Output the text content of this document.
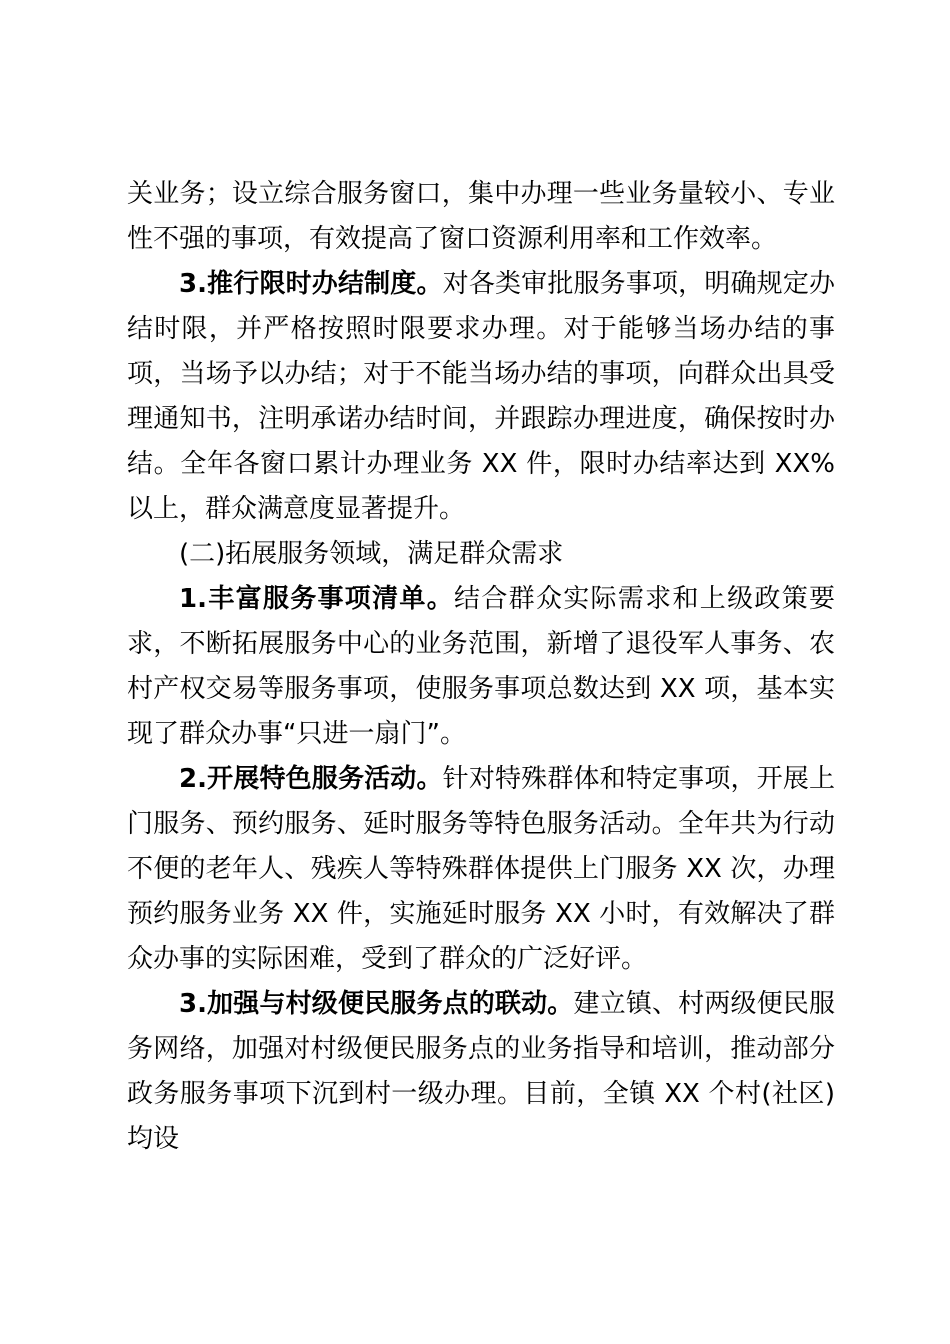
关业务；设立综合服务窗口，集中办理一些业务量较小、专业性不强的事项，有效提高了窗口资源利用率和工作效率。

3.推行限时办结制度。对各类审批服务事项，明确规定办结时限，并严格按照时限要求办理。对于能够当场办结的事项，当场予以办结；对于不能当场办结的事项，向群众出具受理通知书，注明承诺办结时间，并跟踪办理进度，确保按时办结。全年各窗口累计办理业务 XX 件，限时办结率达到 XX%以上，群众满意度显著提升。

(二)拓展服务领域，满足群众需求

1.丰富服务事项清单。结合群众实际需求和上级政策要求，不断拓展服务中心的业务范围，新增了退役军人事务、农村产权交易等服务事项，使服务事项总数达到 XX 项，基本实现了群众办事“只进一扇门”。

2.开展特色服务活动。针对特殊群体和特定事项，开展上门服务、预约服务、延时服务等特色服务活动。全年共为行动不便的老年人、残疾人等特殊群体提供上门服务 XX 次，办理预约服务业务 XX 件，实施延时服务 XX 小时，有效解决了群众办事的实际困难，受到了群众的广泛好评。

3.加强与村级便民服务点的联动。建立镇、村两级便民服务网络，加强对村级便民服务点的业务指导和培训，推动部分政务服务事项下沉到村一级办理。目前，全镇 XX 个村(社区)均设
